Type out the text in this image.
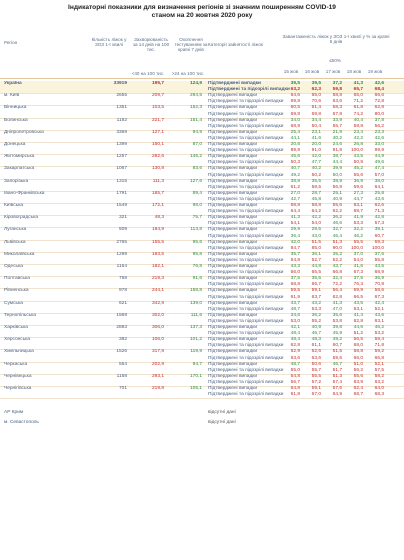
Індикаторні показники для визначення регіонів зі значним поширенням COVID-19
станом на 20 жовтня 2020 року
Регіон
Кількість ліжок у ЗОЗ 1-ї хвилі
Захворюваність за 14 днів на 100 тис.
Охоплення тестуванням за країні 7 днів
Категорії зайнятості ліжок
Завантаженість ліжок у ЗОЗ 1-ї хвилі у % за країні 5 днів
<40 на 100 тис.	>24 на 100 тис.
≤50%
15 жов	16 жов	17 жов	18 жов	19 жов
Україна	33919	195,7	124,9 Підтверджені випадки	39,5	39,5	37,2	41,3	42,6
Підтверджені та підозрілі випадки 63,2	62,3	59,8	65,7	68,4
м. Київ	2655	209,7	294,5 Підтверджені випадки	64,6	65,0	58,8	65,0	66,6
Підтверджені та підозрілі випадки	69,8	70,6	63,6	71,2	72,8
Вінницька	1351	103,5	152,3 Підтверджені випадки	60,5	61,4	58,3	61,8	62,8
Підтверджені та підозрілі випадки	69,8	69,8	67,8	74,2	80,0
Волинська	1182	221,7	151,4 Підтверджені випадки	34,0	34,4	33,9	40,4	37,8
Підтверджені та підозрілі випадки	68,9	50,4	55,7	58,8	56,2
Дніпропетровська	3369	127,1	94,9 Підтверджені випадки	25,4	23,1	21,9	23,4	23,3
Підтверджені та підозрілі випадки	44,1	41,6	40,2	42,2	42,6
Донецька	1399	150,1	87,0 Підтверджені випадки	20,6	20,0	24,6	26,8	33,0
Підтверджені та підозрілі випадки	89,8	91,0	91,8	100,0	99,9
Житомирська	1257	282,6	145,2 Підтверджені випадки	45,6	42,0	38,7	43,5	44,9
Підтверджені та підозрілі випадки	50,3	47,7	44,4	50,9	49,6
Закарпатська	1067	130,8	83,6 Підтверджені випадки	40,7	40,2	39,9	45,2	47,4
Підтверджені та підозрілі випадки	49,2	50,2	50,0	55,6	57,0
Запорізька	1315	111,3	127,6 Підтверджені випадки	38,8	35,5	38,9	36,9	38,0
Підтверджені та підозрілі випадки	61,2	58,5	56,9	59,6	64,1
Івано-Франківська	1791	185,7	89,4 Підтверджені випадки	27,0	28,7	25,1	27,3	25,8
Підтверджені та підозрілі випадки	42,7	45,8	40,9	44,7	43,6
Київська	1549	172,1	98,0 Підтверджені випадки	58,8	58,8	55,6	63,1	62,6
Підтверджені та підозрілі випадки	64,4	64,2	62,2	68,7	71,3
Кіровоградська	321	48,3	75,7 Підтверджені випадки	41,3	42,2	36,2	41,9	42,8
Підтверджені та підозрілі випадки	54,1	54,0	46,6	53,3	57,3
Луганська	509	184,9	113,8 Підтверджені випадки	29,9	29,5	32,7	32,2	38,1
Підтверджені та підозрілі випадки	36,4	43,0	46,4	46,2	60,7
Львівська	2765	155,5	95,6 Підтверджені випадки	42,0	51,5	51,3	55,5	59,3
Підтверджені та підозрілі випадки	84,7	85,0	90,0	100,0	100,0
Миколаївська	1299	193,5	95,8 Підтверджені випадки	35,7	36,1	35,2	37,0	37,6
Підтверджені та підозрілі випадки	54,8	52,7	52,2	54,0	55,8
Одеська	1164	182,1	76,8 Підтверджені випадки	43,3	44,8	43,7	41,6	43,5
Підтверджені та підозрілі випадки	66,0	65,5	66,8	67,3	68,9
Полтавська	758	219,3	91,6 Підтверджені випадки	37,5	35,5	32,4	37,5	36,9
Підтверджені та підозрілі випадки	68,8	66,7	72,2	76,3	70,8
Рівненська	978	244,1	158,8 Підтверджені випадки	59,5	59,1	56,4	59,9	58,6
Підтверджені та підозрілі випадки	61,9	63,7	62,8	66,5	67,3
Сумська	621	342,9	139,0 Підтверджені випадки	43,7	43,2	41,3	43,5	42,4
Підтверджені та підозрілі випадки	48,7	53,3	47,0	53,1	52,1
Тернопільська	1569	302,0	111,6 Підтверджені випадки	34,6	36,2	35,6	41,4	43,6
Підтверджені та підозрілі випадки	53,0	55,2	53,8	62,8	63,1
Харківська	2883	306,0	137,3 Підтверджені випадки	42,1	40,9	39,8	44,6	46,2
Підтверджені та підозрілі випадки	48,4	46,7	45,9	51,2	53,2
Херсонська	382	106,0	101,2 Підтверджені випадки	48,4	48,3	49,2	56,5	58,4
Підтверджені та підозрілі випадки	62,8	61,1	60,7	68,0	71,8
Хмельницька	1526	317,9	119,9 Підтверджені випадки	52,9	52,6	51,5	58,8	59,2
Підтверджені та підозрілі випадки	63,6	63,6	59,5	66,0	66,8
Черкаська	554	202,9	94,7 Підтверджені випадки	48,7	50,6	46,7	51,0	52,1
Підтверджені та підозрілі випадки	55,0	55,7	51,7	56,2	57,5
Чернівецька	1158	293,1	170,1 Підтверджені випадки	54,8	55,5	51,3	55,6	58,2
Підтверджені та підозрілі випадки	56,7	57,2	57,4	63,9	63,2
Чернігівська	701	219,8	105,1 Підтверджені випадки	54,8	59,1	57,6	62,4	64,0
Підтверджені та підозрілі випадки	61,8	67,0	64,9	68,7	68,3
АР Крим	відсутні дані
м. Севастополь	відсутні дані
